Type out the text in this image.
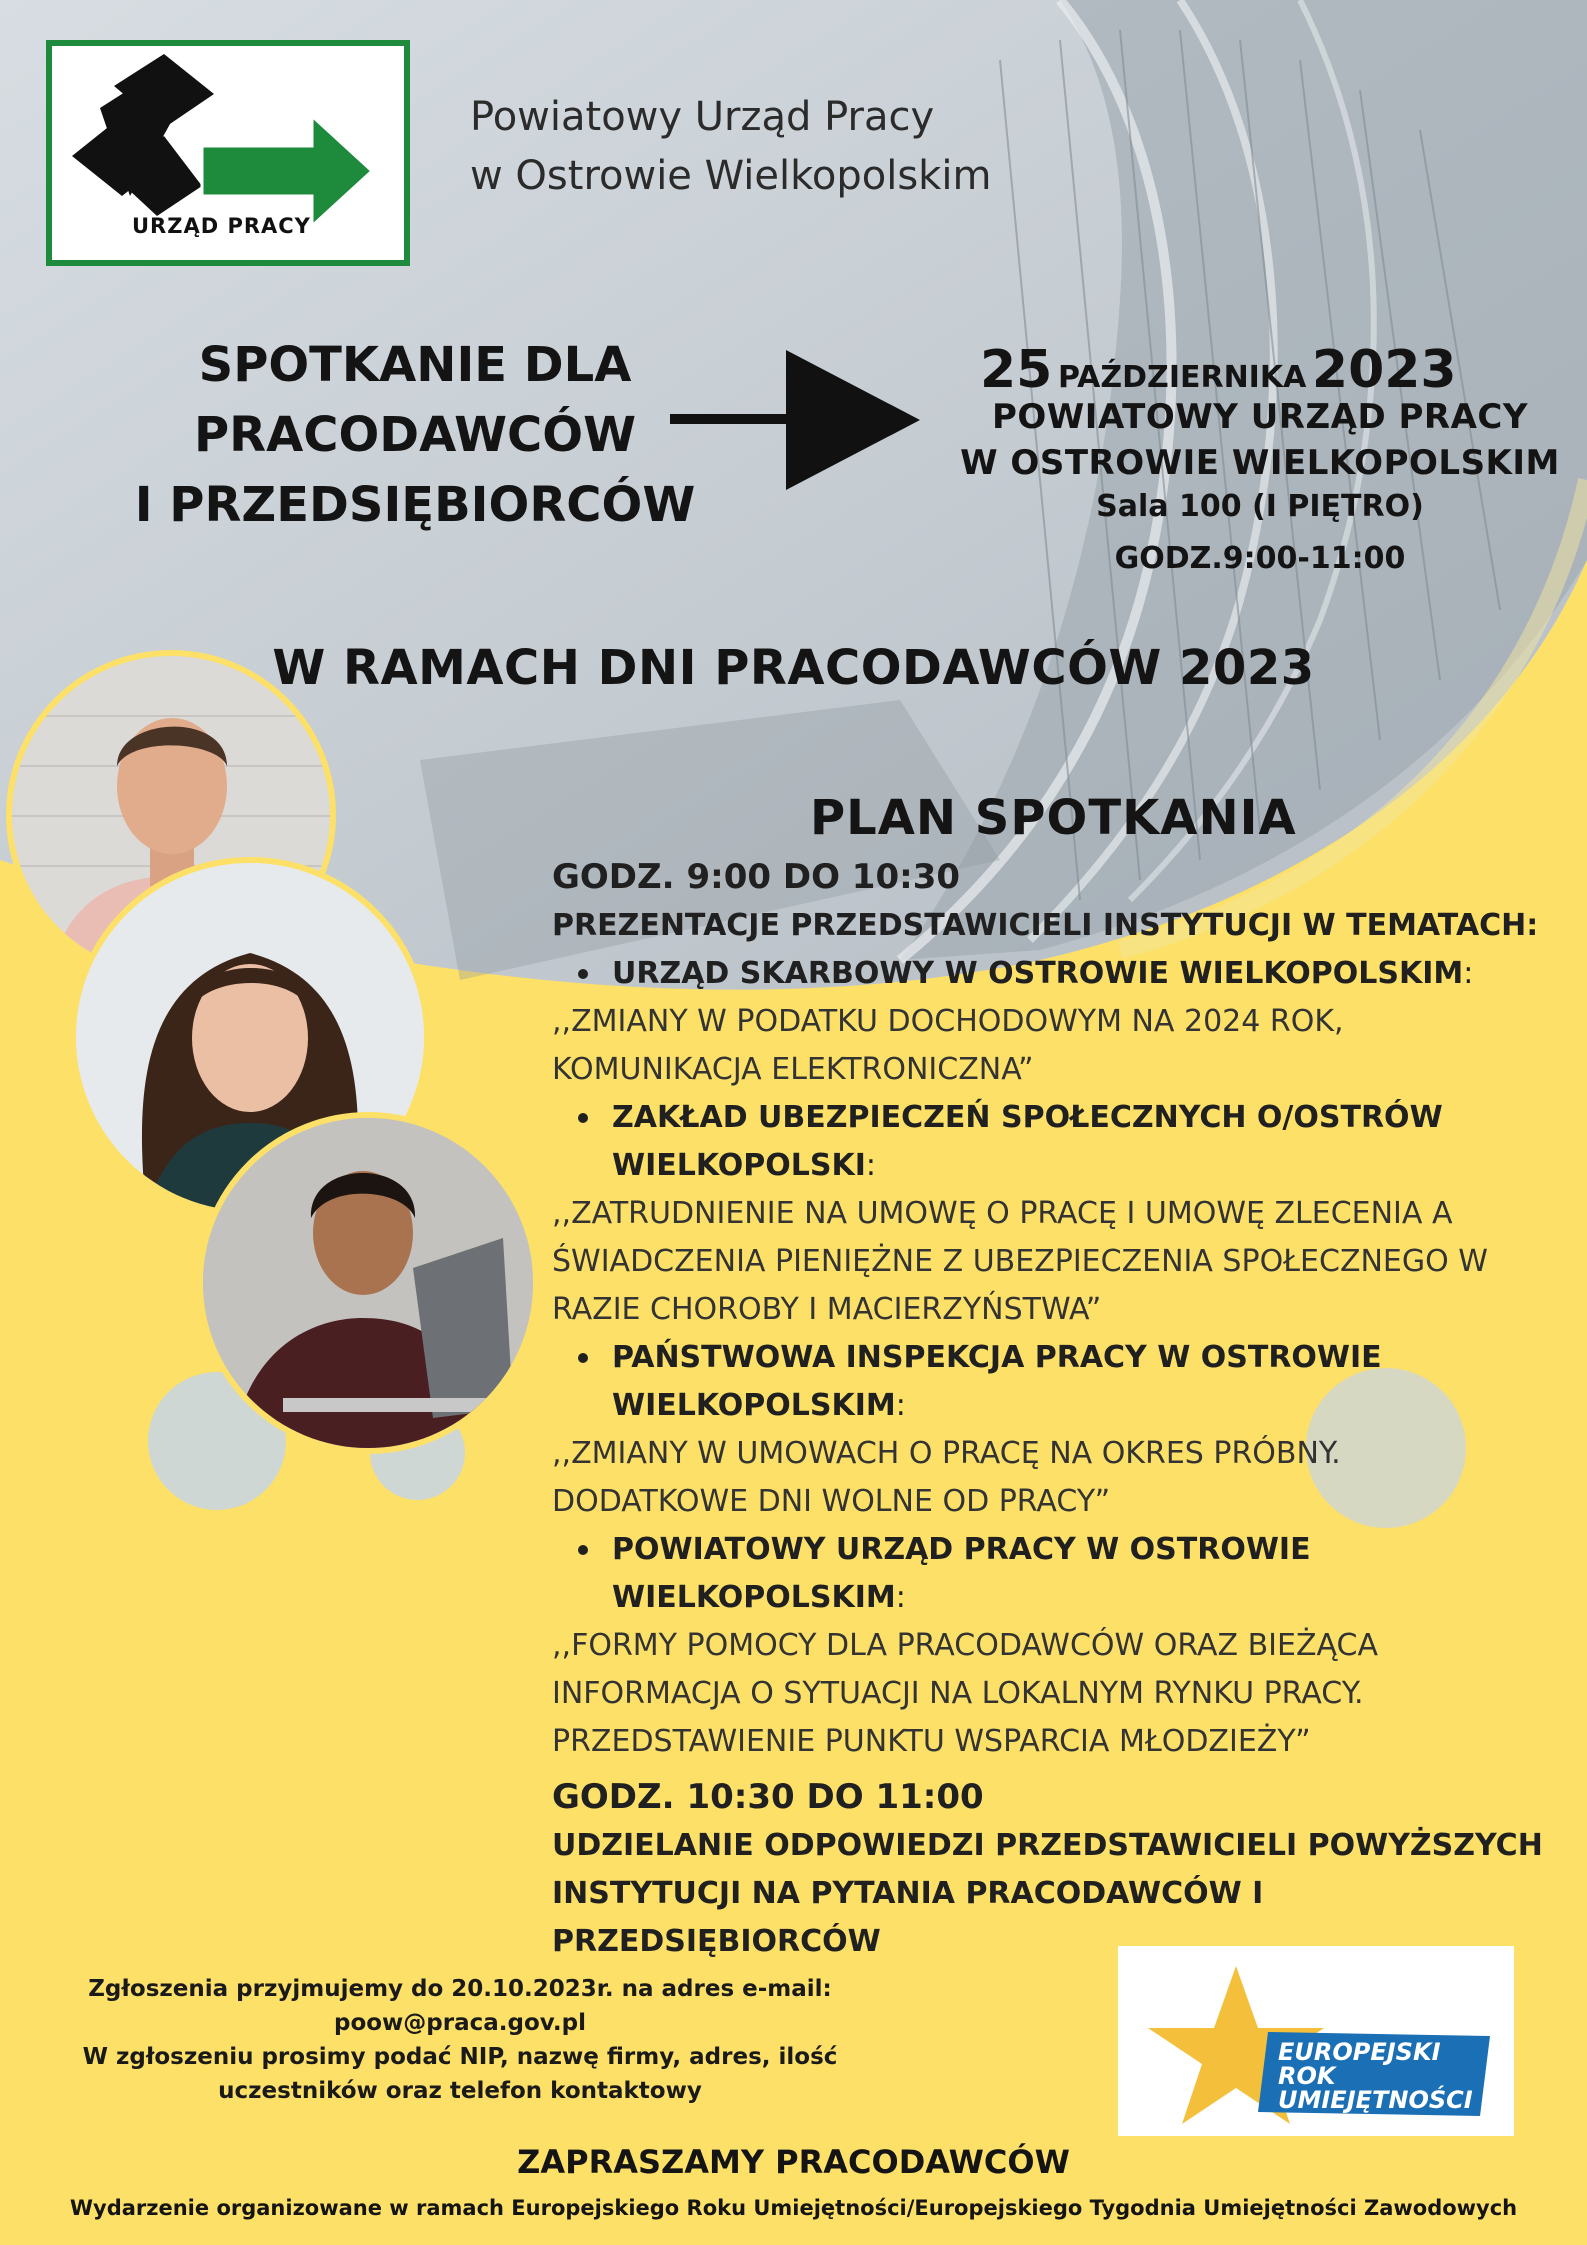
URZĄD PRACY
Powiatowy Urząd Pracy
w Ostrowie Wielkopolskim
SPOTKANIE DLA
PRACODAWCÓW
I PRZEDSIĘBIORCÓW
25 PAŹDZIERNIKA 2023
POWIATOWY URZĄD PRACY
W OSTROWIE WIELKOPOLSKIM
Sala 100 (I PIĘTRO)
GODZ.9:00-11:00
W RAMACH DNI PRACODAWCÓW 2023
PLAN SPOTKANIA
GODZ. 9:00 DO 10:30
PREZENTACJE PRZEDSTAWICIELI INSTYTUCJI W TEMATACH:
URZĄD SKARBOWY W OSTROWIE WIELKOPOLSKIM:
,,ZMIANY W PODATKU DOCHODOWYM NA 2024 ROK,
KOMUNIKACJA ELEKTRONICZNA”
ZAKŁAD UBEZPIECZEŃ SPOŁECZNYCH O/OSTRÓW
WIELKOPOLSKI:
,,ZATRUDNIENIE NA UMOWĘ O PRACĘ I UMOWĘ ZLECENIA A
ŚWIADCZENIA PIENIĘŻNE Z UBEZPIECZENIA SPOŁECZNEGO W
RAZIE CHOROBY I MACIERZYŃSTWA”
PAŃSTWOWA INSPEKCJA PRACY W OSTROWIE
WIELKOPOLSKIM:
,,ZMIANY W UMOWACH O PRACĘ NA OKRES PRÓBNY.
DODATKOWE DNI WOLNE OD PRACY”
POWIATOWY URZĄD PRACY W OSTROWIE
WIELKOPOLSKIM:
,,FORMY POMOCY DLA PRACODAWCÓW ORAZ BIEŻĄCA
INFORMACJA O SYTUACJI NA LOKALNYM RYNKU PRACY.
PRZEDSTAWIENIE PUNKTU WSPARCIA MŁODZIEŻY”
GODZ. 10:30 DO 11:00
UDZIELANIE ODPOWIEDZI PRZEDSTAWICIELI POWYŻSZYCH
INSTYTUCJI NA PYTANIA PRACODAWCÓW I PRZEDSIĘBIORCÓW
Zgłoszenia przyjmujemy do 20.10.2023r. na adres e-mail:
poow@praca.gov.pl
W zgłoszeniu prosimy podać NIP, nazwę firmy, adres, ilość
uczestników oraz telefon kontaktowy
EUROPEJSKI
ROK
UMIEJĘTNOŚCI
ZAPRASZAMY PRACODAWCÓW
Wydarzenie organizowane w ramach Europejskiego Roku Umiejętności/Europejskiego Tygodnia Umiejętności Zawodowych
